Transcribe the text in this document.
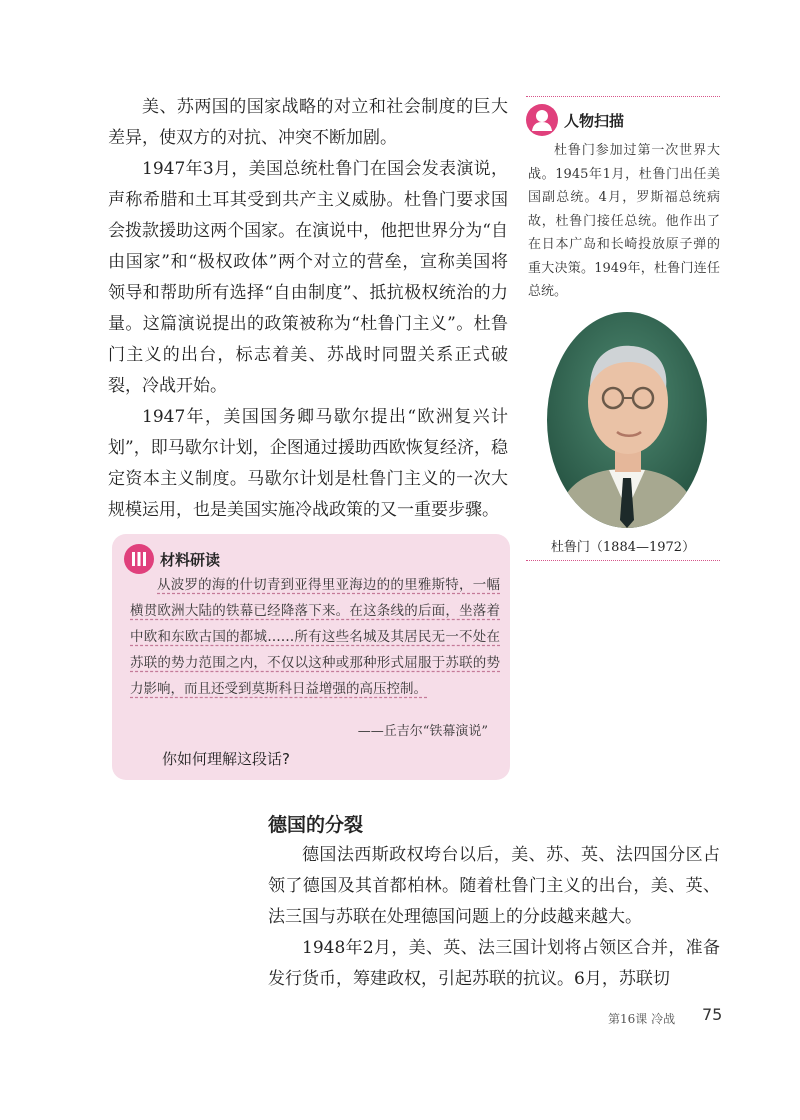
美、苏两国的国家战略的对立和社会制度的巨大差异，使双方的对抗、冲突不断加剧。

1947年3月，美国总统杜鲁门在国会发表演说，声称希腊和土耳其受到共产主义威胁。杜鲁门要求国会拨款援助这两个国家。在演说中，他把世界分为“自由国家”和“极权政体”两个对立的营垒，宣称美国将领导和帮助所有选择“自由制度”、抵抗极权统治的力量。这篇演说提出的政策被称为“杜鲁门主义”。杜鲁门主义的出台，标志着美、苏战时同盟关系正式破裂，冷战开始。

1947年，美国国务卿马歇尔提出“欧洲复兴计划”，即马歇尔计划，企图通过援助西欧恢复经济，稳定资本主义制度。马歇尔计划是杜鲁门主义的一次大规模运用，也是美国实施冷战政策的又一重要步骤。

人物扫描

杜鲁门参加过第一次世界大战。1945年1月，杜鲁门出任美国副总统。4月，罗斯福总统病故，杜鲁门接任总统。他作出了在日本广岛和长崎投放原子弹的重大决策。1949年，杜鲁门连任总统。

杜鲁门（1884—1972）
材料研读

从波罗的海的什切青到亚得里亚海边的的里雅斯特，一幅横贯欧洲大陆的铁幕已经降落下来。在这条线的后面，坐落着中欧和东欧古国的都城……所有这些名城及其居民无一不处在苏联的势力范围之内，不仅以这种或那种形式屈服于苏联的势力影响，而且还受到莫斯科日益增强的高压控制。

——丘吉尔“铁幕演说”
你如何理解这段话?
德国的分裂

德国法西斯政权垮台以后，美、苏、英、法四国分区占领了德国及其首都柏林。随着杜鲁门主义的出台，美、英、法三国与苏联在处理德国问题上的分歧越来越大。

1948年2月，美、英、法三国计划将占领区合并，准备发行货币，筹建政权，引起苏联的抗议。6月，苏联切

第16课 冷战 75
